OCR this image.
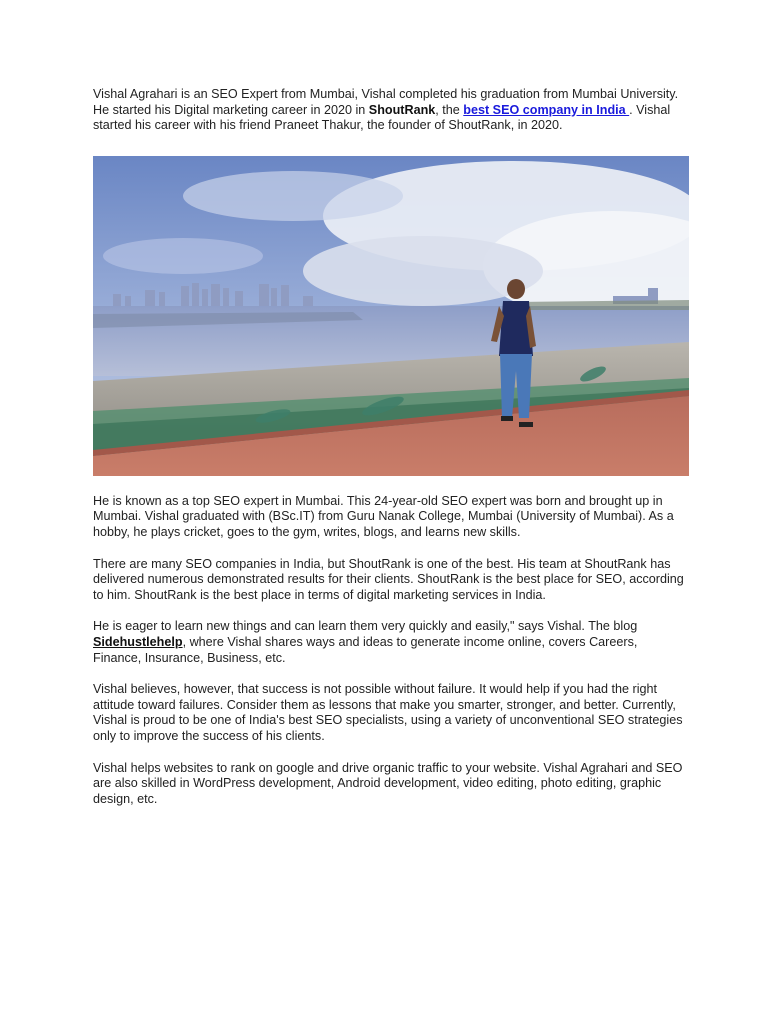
Vishal Agrahari is an SEO Expert from Mumbai, Vishal completed his graduation from Mumbai University. He started his Digital marketing career in 2020 in ShoutRank, the best SEO company in India . Vishal started his career with his friend Praneet Thakur, the founder of ShoutRank, in 2020.

He is known as a top SEO expert in Mumbai. This 24-year-old SEO expert was born and brought up in Mumbai. Vishal graduated with (BSc.IT) from Guru Nanak College, Mumbai (University of Mumbai). As a hobby, he plays cricket, goes to the gym, writes, blogs, and learns new skills.

There are many SEO companies in India, but ShoutRank is one of the best. His team at ShoutRank has delivered numerous demonstrated results for their clients. ShoutRank is the best place for SEO, according to him. ShoutRank is the best place in terms of digital marketing services in India.

He is eager to learn new things and can learn them very quickly and easily," says Vishal. The blog Sidehustlehelp, where Vishal shares ways and ideas to generate income online, covers Careers, Finance, Insurance, Business, etc.

Vishal believes, however, that success is not possible without failure. It would help if you had the right attitude toward failures. Consider them as lessons that make you smarter, stronger, and better. Currently, Vishal is proud to be one of India's best SEO specialists, using a variety of unconventional SEO strategies only to improve the success of his clients.

Vishal helps websites to rank on google and drive organic traffic to your website. Vishal Agrahari and SEO are also skilled in WordPress development, Android development, video editing, photo editing, graphic design, etc.
